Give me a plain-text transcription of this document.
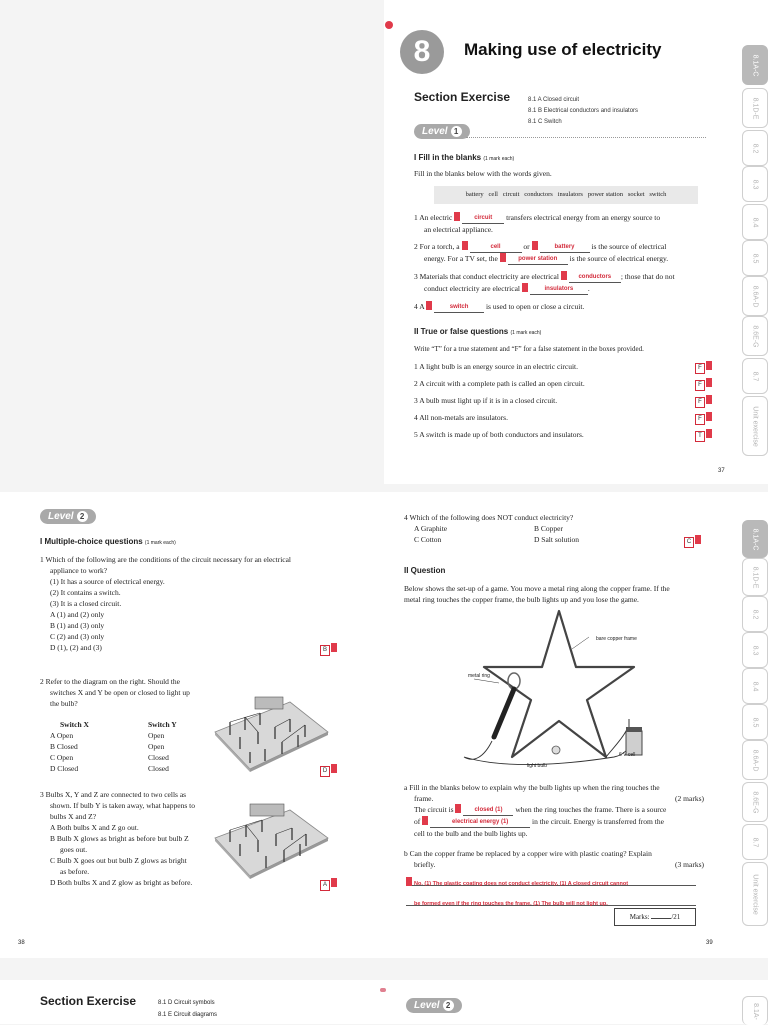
8	Making use of electricity
Section Exercise	8.1 A Closed circuit
8.1 B Electrical conductors and insulators
8.1 C Switch
Level 1
I Fill in the blanks (1 mark each)
Fill in the blanks below with the words given.
battery   cell   circuit   conductors   insulators   power station   socket   switch
1 An electric	circuit transfers electrical energy from an energy source to
an electrical appliance.
2 For a torch, a	cell	or	battery is the source of electrical
energy. For a TV set, the	power station is the source of electrical energy.
3 Materials that conduct electricity are electrical	conductors ; those that do not
conduct electricity are electrical	insulators .
4 A	switch is used to open or close a circuit.
II True or false questions (1 mark each)
Write “T” for a true statement and “F” for a false statement in the boxes provided.
1 A light bulb is an energy source in an electric circuit.	F
2 A circuit with a complete path is called an open circuit.	F
3 A bulb must light up if it is in a closed circuit.	F
4 All non-metals are insulators.	F
5 A switch is made up of both conductors and insulators.	T
37
8.1A-C
8.1D-E
8.2
8.3
8.4
8.5
8.6A-D
8.6E-G
8.7
Unit exercise
Level 2
I Multiple-choice questions (1 mark each)
1 Which of the following are the conditions of the circuit necessary for an electrical
appliance to work?
(1) It has a source of electrical energy.
(2) It contains a switch.
(3) It is a closed circuit.
A (1) and (2) only
B (1) and (3) only
C (2) and (3) only
D (1), (2) and (3)	B
2 Refer to the diagram on the right. Should the
switches X and Y be open or closed to light up
the bulb?
Switch X	Switch Y
A Open	Open
B Closed	Open
C Open	Closed
D Closed	Closed	D
3 Bulbs X, Y and Z are connected to two cells as
shown. If bulb Y is taken away, what happens to
bulbs X and Z?
A Both bulbs X and Z go out.
B Bulb X glows as bright as before but bulb Z
goes out.
C Bulb X goes out but bulb Z glows as bright
as before.
D Both bulbs X and Z glow as bright as before.	A
38
4 Which of the following does NOT conduct electricity?
A Graphite	B Copper
C Cotton	D Salt solution	C
II Question
Below shows the set-up of a game. You move a metal ring along the copper frame. If the
metal ring touches the copper frame, the bulb lights up and you lose the game.
bare copper frame
metal ring
light bulb
6 V cell
a Fill in the blanks below to explain why the bulb lights up when the ring touches the
frame.	(2 marks)
The circuit is	closed (1) when the ring touches the frame. There is a source
of	electrical energy (1)	in the circuit. Energy is transferred from the
cell to the bulb and the bulb lights up.
b Can the copper frame be replaced by a copper wire with plastic coating? Explain
briefly.	(3 marks)
No. (1) The plastic coating does not conduct electricity. (1) A closed circuit cannot
be formed even if the ring touches the frame. (1) The bulb will not light up.
Marks:	/21
39
8.1A-C
8.1D-E
8.2
8.3
8.4
8.5
8.6A-D
8.6E-G
8.7
Unit exercise
Section Exercise	8.1 D Circuit symbols
8.1 E Circuit diagrams
Level 2	8.1A-
